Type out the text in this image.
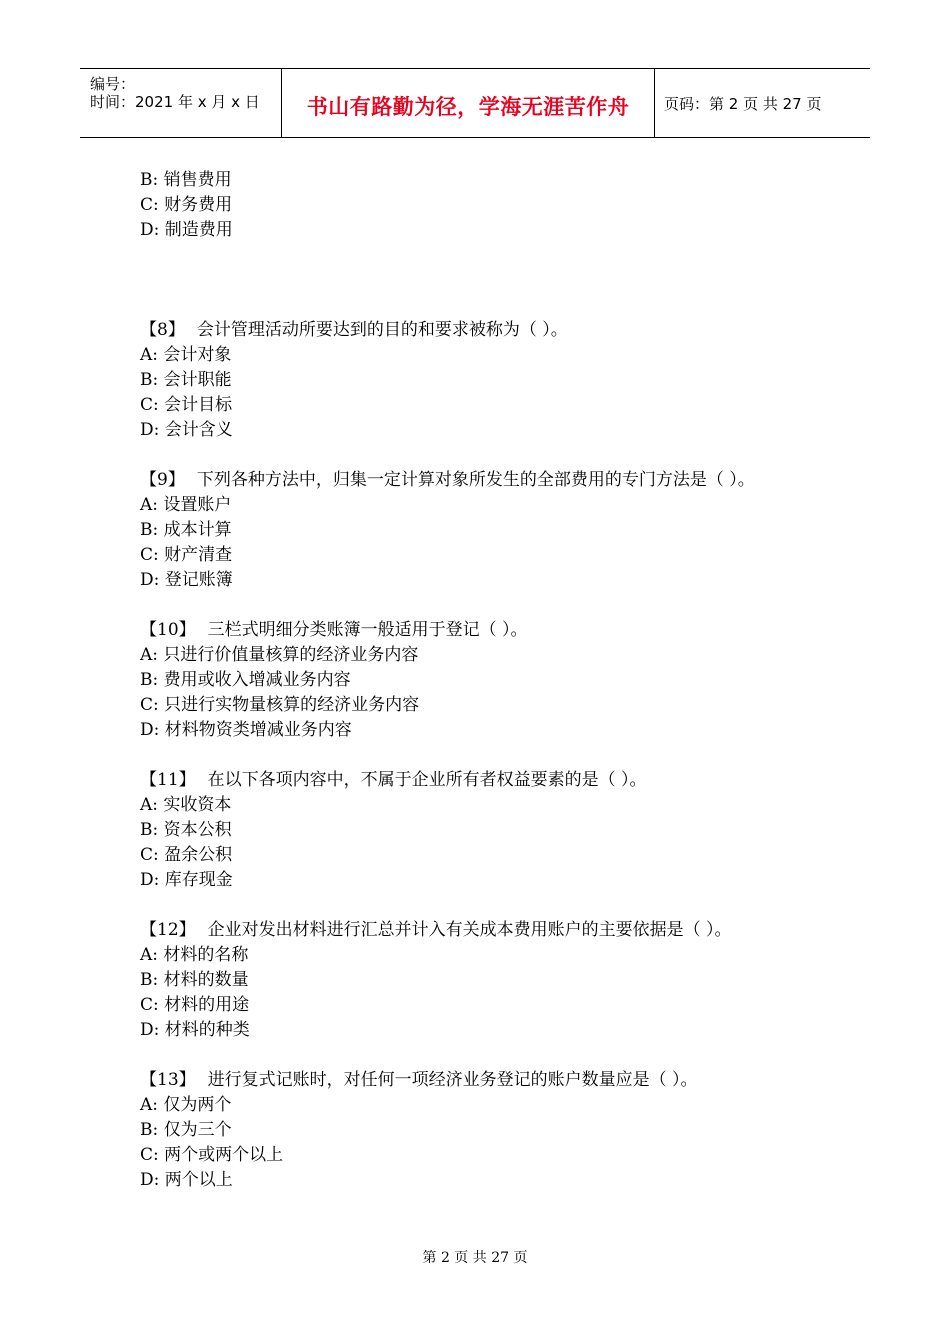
编号：
时间：2021 年 x 月 x 日	书山有路勤为径，学海无涯苦作舟	页码：第 2 页 共 27 页
B: 销售费用
C: 财务费用
D: 制造费用
【8】 会计管理活动所要达到的目的和要求被称为（ ）。
A: 会计对象
B: 会计职能
C: 会计目标
D: 会计含义
【9】 下列各种方法中，归集一定计算对象所发生的全部费用的专门方法是（ ）。
A: 设置账户
B: 成本计算
C: 财产清查
D: 登记账簿
【10】 三栏式明细分类账簿一般适用于登记（ ）。
A: 只进行价值量核算的经济业务内容
B: 费用或收入增减业务内容
C: 只进行实物量核算的经济业务内容
D: 材料物资类增减业务内容
【11】 在以下各项内容中，不属于企业所有者权益要素的是（ ）。
A: 实收资本
B: 资本公积
C: 盈余公积
D: 库存现金
【12】 企业对发出材料进行汇总并计入有关成本费用账户的主要依据是（ ）。
A: 材料的名称
B: 材料的数量
C: 材料的用途
D: 材料的种类
【13】 进行复式记账时，对任何一项经济业务登记的账户数量应是（ ）。
A: 仅为两个
B: 仅为三个
C: 两个或两个以上
D: 两个以上
第 2 页 共 27 页
